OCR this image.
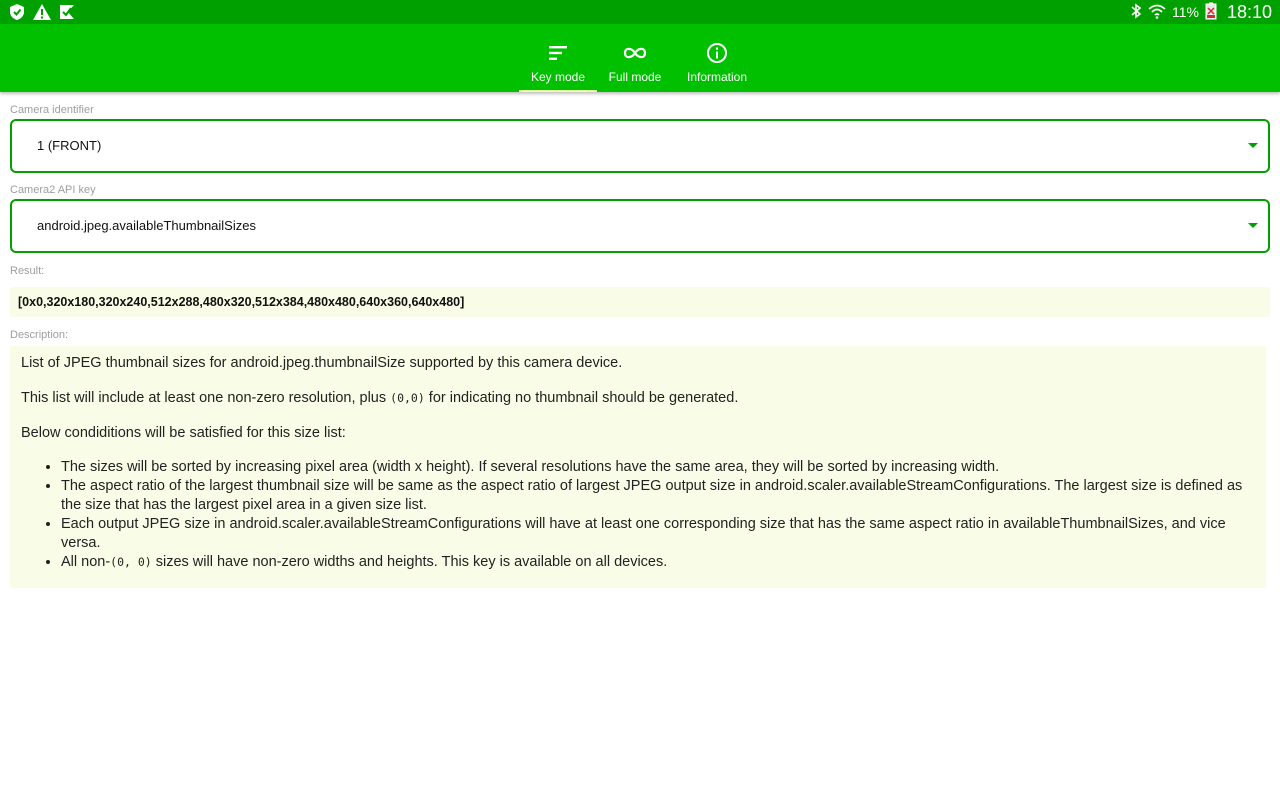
11% 18:10
Key mode Full mode Information
Camera identifier
1 (FRONT)
Camera2 API key
android.jpeg.availableThumbnailSizes
Result:
[0x0,320x180,320x240,512x288,480x320,512x384,480x480,640x360,640x480]
Description:

List of JPEG thumbnail sizes for android.jpeg.thumbnailSize supported by this camera device.

This list will include at least one non-zero resolution, plus (0,0) for indicating no thumbnail should be generated.

Below condiditions will be satisfied for this size list:

• The sizes will be sorted by increasing pixel area (width x height). If several resolutions have the same area, they will be sorted by increasing width.
• The aspect ratio of the largest thumbnail size will be same as the aspect ratio of largest JPEG output size in android.scaler.availableStreamConfigurations. The largest size is defined as the size that has the largest pixel area in a given size list.
• Each output JPEG size in android.scaler.availableStreamConfigurations will have at least one corresponding size that has the same aspect ratio in availableThumbnailSizes, and vice versa.
• All non-(0, 0) sizes will have non-zero widths and heights. This key is available on all devices.
